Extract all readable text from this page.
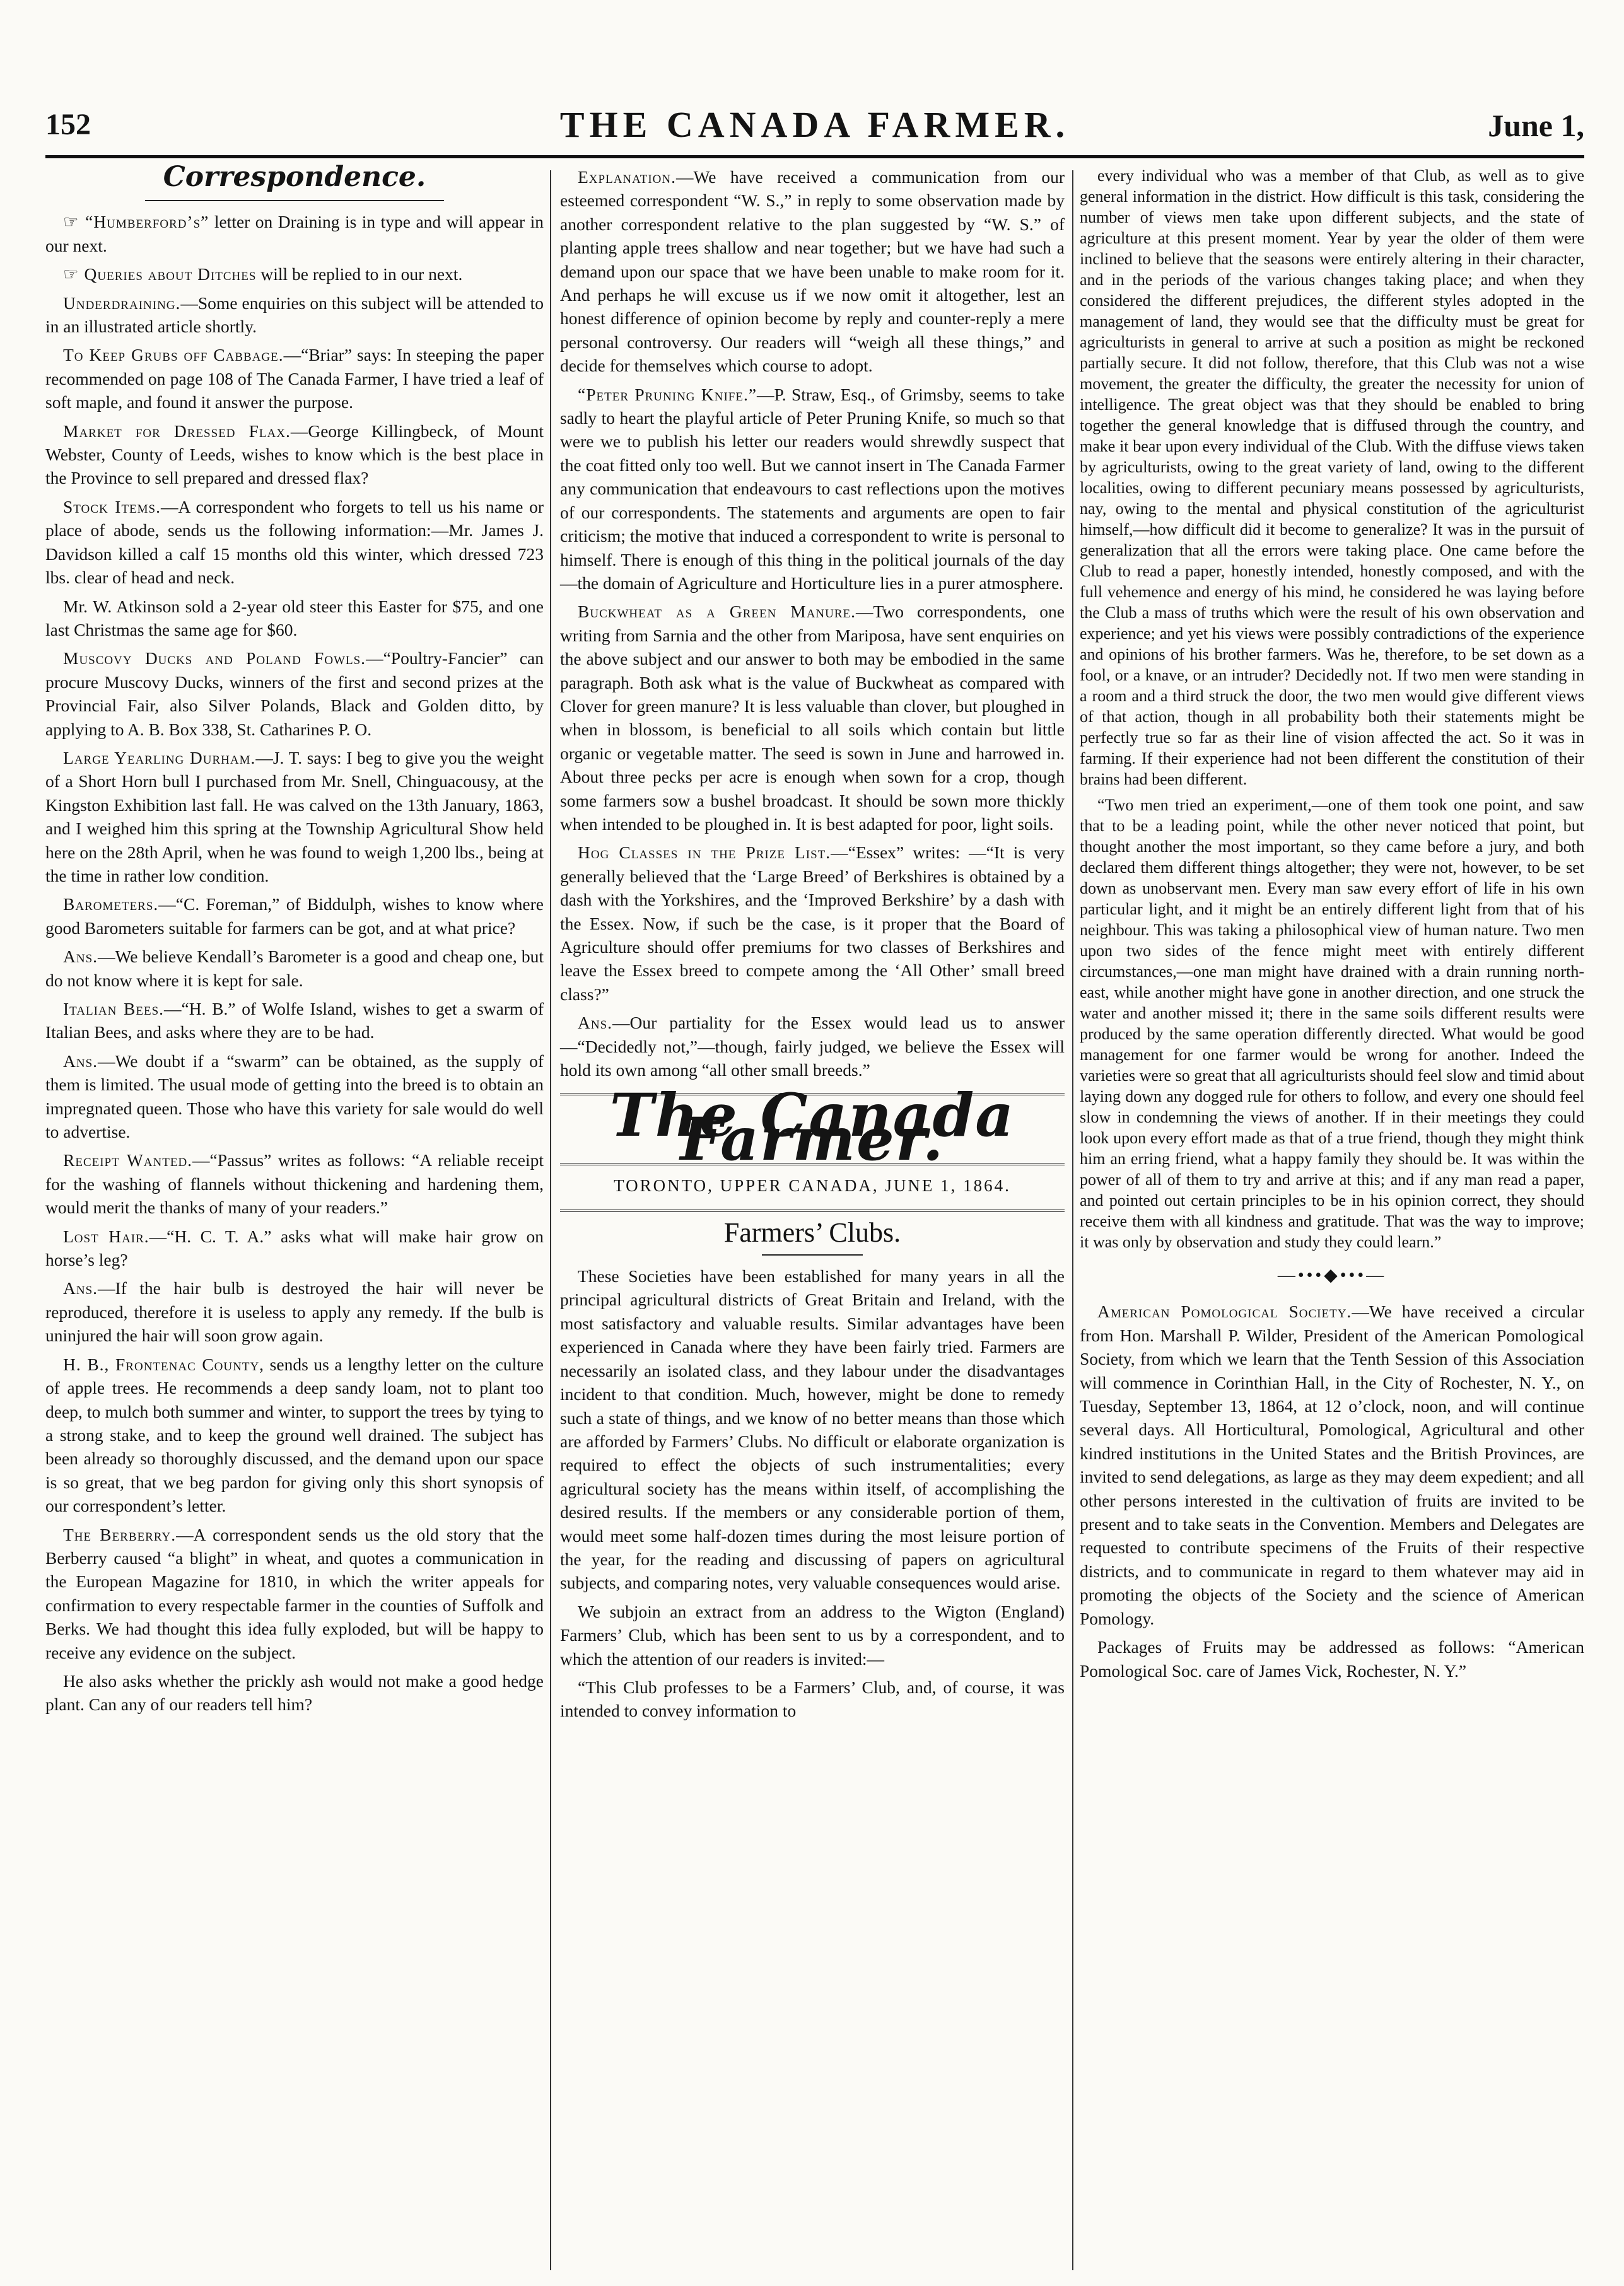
152	THE CANADA FARMER.	June 1,
Correspondence.

☞ “Humberford’s” letter on Draining is in type and will appear in our next.

☞ Queries about Ditches will be replied to in our next.

Underdraining.—Some enquiries on this subject will be attended to in an illustrated article shortly.

To Keep Grubs off Cabbage.—“Briar” says: In steeping the paper recommended on page 108 of The Canada Farmer, I have tried a leaf of soft maple, and found it answer the purpose.

Market for Dressed Flax.—George Killingbeck, of Mount Webster, County of Leeds, wishes to know which is the best place in the Province to sell prepared and dressed flax?

Stock Items.—A correspondent who forgets to tell us his name or place of abode, sends us the following information:—Mr. James J. Davidson killed a calf 15 months old this winter, which dressed 723 lbs. clear of head and neck.

Mr. W. Atkinson sold a 2-year old steer this Easter for $75, and one last Christmas the same age for $60.

Muscovy Ducks and Poland Fowls.—“Poultry-Fancier” can procure Muscovy Ducks, winners of the first and second prizes at the Provincial Fair, also Silver Polands, Black and Golden ditto, by applying to A. B. Box 338, St. Catharines P. O.

Large Yearling Durham.—J. T. says: I beg to give you the weight of a Short Horn bull I purchased from Mr. Snell, Chinguacousy, at the Kingston Exhibition last fall. He was calved on the 13th January, 1863, and I weighed him this spring at the Township Agricultural Show held here on the 28th April, when he was found to weigh 1,200 lbs., being at the time in rather low condition.

Barometers.—“C. Foreman,” of Biddulph, wishes to know where good Barometers suitable for farmers can be got, and at what price?

Ans.—We believe Kendall’s Barometer is a good and cheap one, but do not know where it is kept for sale.

Italian Bees.—“H. B.” of Wolfe Island, wishes to get a swarm of Italian Bees, and asks where they are to be had.

Ans.—We doubt if a “swarm” can be obtained, as the supply of them is limited. The usual mode of getting into the breed is to obtain an impregnated queen. Those who have this variety for sale would do well to advertise.

Receipt Wanted.—“Passus” writes as follows: “A reliable receipt for the washing of flannels without thickening and hardening them, would merit the thanks of many of your readers.”

Lost Hair.—“H. C. T. A.” asks what will make hair grow on horse’s leg?

Ans.—If the hair bulb is destroyed the hair will never be reproduced, therefore it is useless to apply any remedy. If the bulb is uninjured the hair will soon grow again.

H. B., Frontenac County, sends us a lengthy letter on the culture of apple trees. He recommends a deep sandy loam, not to plant too deep, to mulch both summer and winter, to support the trees by tying to a strong stake, and to keep the ground well drained. The subject has been already so thoroughly discussed, and the demand upon our space is so great, that we beg pardon for giving only this short synopsis of our correspondent’s letter.

The Berberry.—A correspondent sends us the old story that the Berberry caused “a blight” in wheat, and quotes a communication in the European Magazine for 1810, in which the writer appeals for confirmation to every respectable farmer in the counties of Suffolk and Berks. We had thought this idea fully exploded, but will be happy to receive any evidence on the subject.

He also asks whether the prickly ash would not make a good hedge plant. Can any of our readers tell him?

Explanation.—We have received a communication from our esteemed correspondent “W. S.,” in reply to some observation made by another correspondent relative to the plan suggested by “W. S.” of planting apple trees shallow and near together; but we have had such a demand upon our space that we have been unable to make room for it. And perhaps he will excuse us if we now omit it altogether, lest an honest difference of opinion become by reply and counter-reply a mere personal controversy. Our readers will “weigh all these things,” and decide for themselves which course to adopt.

“Peter Pruning Knife.”—P. Straw, Esq., of Grimsby, seems to take sadly to heart the playful article of Peter Pruning Knife, so much so that were we to publish his letter our readers would shrewdly suspect that the coat fitted only too well. But we cannot insert in The Canada Farmer any communication that endeavours to cast reflections upon the motives of our correspondents. The statements and arguments are open to fair criticism; the motive that induced a correspondent to write is personal to himself. There is enough of this thing in the political journals of the day—the domain of Agriculture and Horticulture lies in a purer atmosphere.

Buckwheat as a Green Manure.—Two correspondents, one writing from Sarnia and the other from Mariposa, have sent enquiries on the above subject and our answer to both may be embodied in the same paragraph. Both ask what is the value of Buckwheat as compared with Clover for green manure? It is less valuable than clover, but ploughed in when in blossom, is beneficial to all soils which contain but little organic or vegetable matter. The seed is sown in June and harrowed in. About three pecks per acre is enough when sown for a crop, though some farmers sow a bushel broadcast. It should be sown more thickly when intended to be ploughed in. It is best adapted for poor, light soils.

Hog Classes in the Prize List.—“Essex” writes: —“It is very generally believed that the ‘Large Breed’ of Berkshires is obtained by a dash with the Yorkshires, and the ‘Improved Berkshire’ by a dash with the Essex. Now, if such be the case, is it proper that the Board of Agriculture should offer premiums for two classes of Berkshires and leave the Essex breed to compete among the ‘All Other’ small breed class?”

Ans.—Our partiality for the Essex would lead us to answer—“Decidedly not,”—though, fairly judged, we believe the Essex will hold its own among “all other small breeds.”

The Canada Farmer.
TORONTO, UPPER CANADA, JUNE 1, 1864.
Farmers’ Clubs.

These Societies have been established for many years in all the principal agricultural districts of Great Britain and Ireland, with the most satisfactory and valuable results. Similar advantages have been experienced in Canada where they have been fairly tried. Farmers are necessarily an isolated class, and they labour under the disadvantages incident to that condition. Much, however, might be done to remedy such a state of things, and we know of no better means than those which are afforded by Farmers’ Clubs. No difficult or elaborate organization is required to effect the objects of such instrumentalities; every agricultural society has the means within itself, of accomplishing the desired results. If the members or any considerable portion of them, would meet some half-dozen times during the most leisure portion of the year, for the reading and discussing of papers on agricultural subjects, and comparing notes, very valuable consequences would arise.

We subjoin an extract from an address to the Wigton (England) Farmers’ Club, which has been sent to us by a correspondent, and to which the attention of our readers is invited:—

“This Club professes to be a Farmers’ Club, and, of course, it was intended to convey information to

every individual who was a member of that Club, as well as to give general information in the district. How difficult is this task, considering the number of views men take upon different subjects, and the state of agriculture at this present moment. Year by year the older of them were inclined to believe that the seasons were entirely altering in their character, and in the periods of the various changes taking place; and when they considered the different prejudices, the different styles adopted in the management of land, they would see that the difficulty must be great for agriculturists in general to arrive at such a position as might be reckoned partially secure. It did not follow, therefore, that this Club was not a wise movement, the greater the difficulty, the greater the necessity for union of intelligence. The great object was that they should be enabled to bring together the general knowledge that is diffused through the country, and make it bear upon every individual of the Club. With the diffuse views taken by agriculturists, owing to the great variety of land, owing to the different localities, owing to different pecuniary means possessed by agriculturists, nay, owing to the mental and physical constitution of the agriculturist himself,—how difficult did it become to generalize? It was in the pursuit of generalization that all the errors were taking place. One came before the Club to read a paper, honestly intended, honestly composed, and with the full vehemence and energy of his mind, he considered he was laying before the Club a mass of truths which were the result of his own observation and experience; and yet his views were possibly contradictions of the experience and opinions of his brother farmers. Was he, therefore, to be set down as a fool, or a knave, or an intruder? Decidedly not. If two men were standing in a room and a third struck the door, the two men would give different views of that action, though in all probability both their statements might be perfectly true so far as their line of vision affected the act. So it was in farming. If their experience had not been different the constitution of their brains had been different.

“Two men tried an experiment,—one of them took one point, and saw that to be a leading point, while the other never noticed that point, but thought another the most important, so they came before a jury, and both declared them different things altogether; they were not, however, to be set down as unobservant men. Every man saw every effort of life in his own particular light, and it might be an entirely different light from that of his neighbour. This was taking a philosophical view of human nature. Two men upon two sides of the fence might meet with entirely different circumstances,—one man might have drained with a drain running north-east, while another might have gone in another direction, and one struck the water and another missed it; there in the same soils different results were produced by the same operation differently directed. What would be good management for one farmer would be wrong for another. Indeed the varieties were so great that all agriculturists should feel slow and timid about laying down any dogged rule for others to follow, and every one should feel slow in condemning the views of another. If in their meetings they could look upon every effort made as that of a true friend, though they might think him an erring friend, what a happy family they should be. It was within the power of all of them to try and arrive at this; and if any man read a paper, and pointed out certain principles to be in his opinion correct, they should receive them with all kindness and gratitude. That was the way to improve; it was only by observation and study they could learn.”

—•••◆•••—

American Pomological Society.—We have received a circular from Hon. Marshall P. Wilder, President of the American Pomological Society, from which we learn that the Tenth Session of this Association will commence in Corinthian Hall, in the City of Rochester, N. Y., on Tuesday, September 13, 1864, at 12 o’clock, noon, and will continue several days. All Horticultural, Pomological, Agricultural and other kindred institutions in the United States and the British Provinces, are invited to send delegations, as large as they may deem expedient; and all other persons interested in the cultivation of fruits are invited to be present and to take seats in the Convention. Members and Delegates are requested to contribute specimens of the Fruits of their respective districts, and to communicate in regard to them whatever may aid in promoting the objects of the Society and the science of American Pomology.

Packages of Fruits may be addressed as follows: “American Pomological Soc. care of James Vick, Rochester, N. Y.”
